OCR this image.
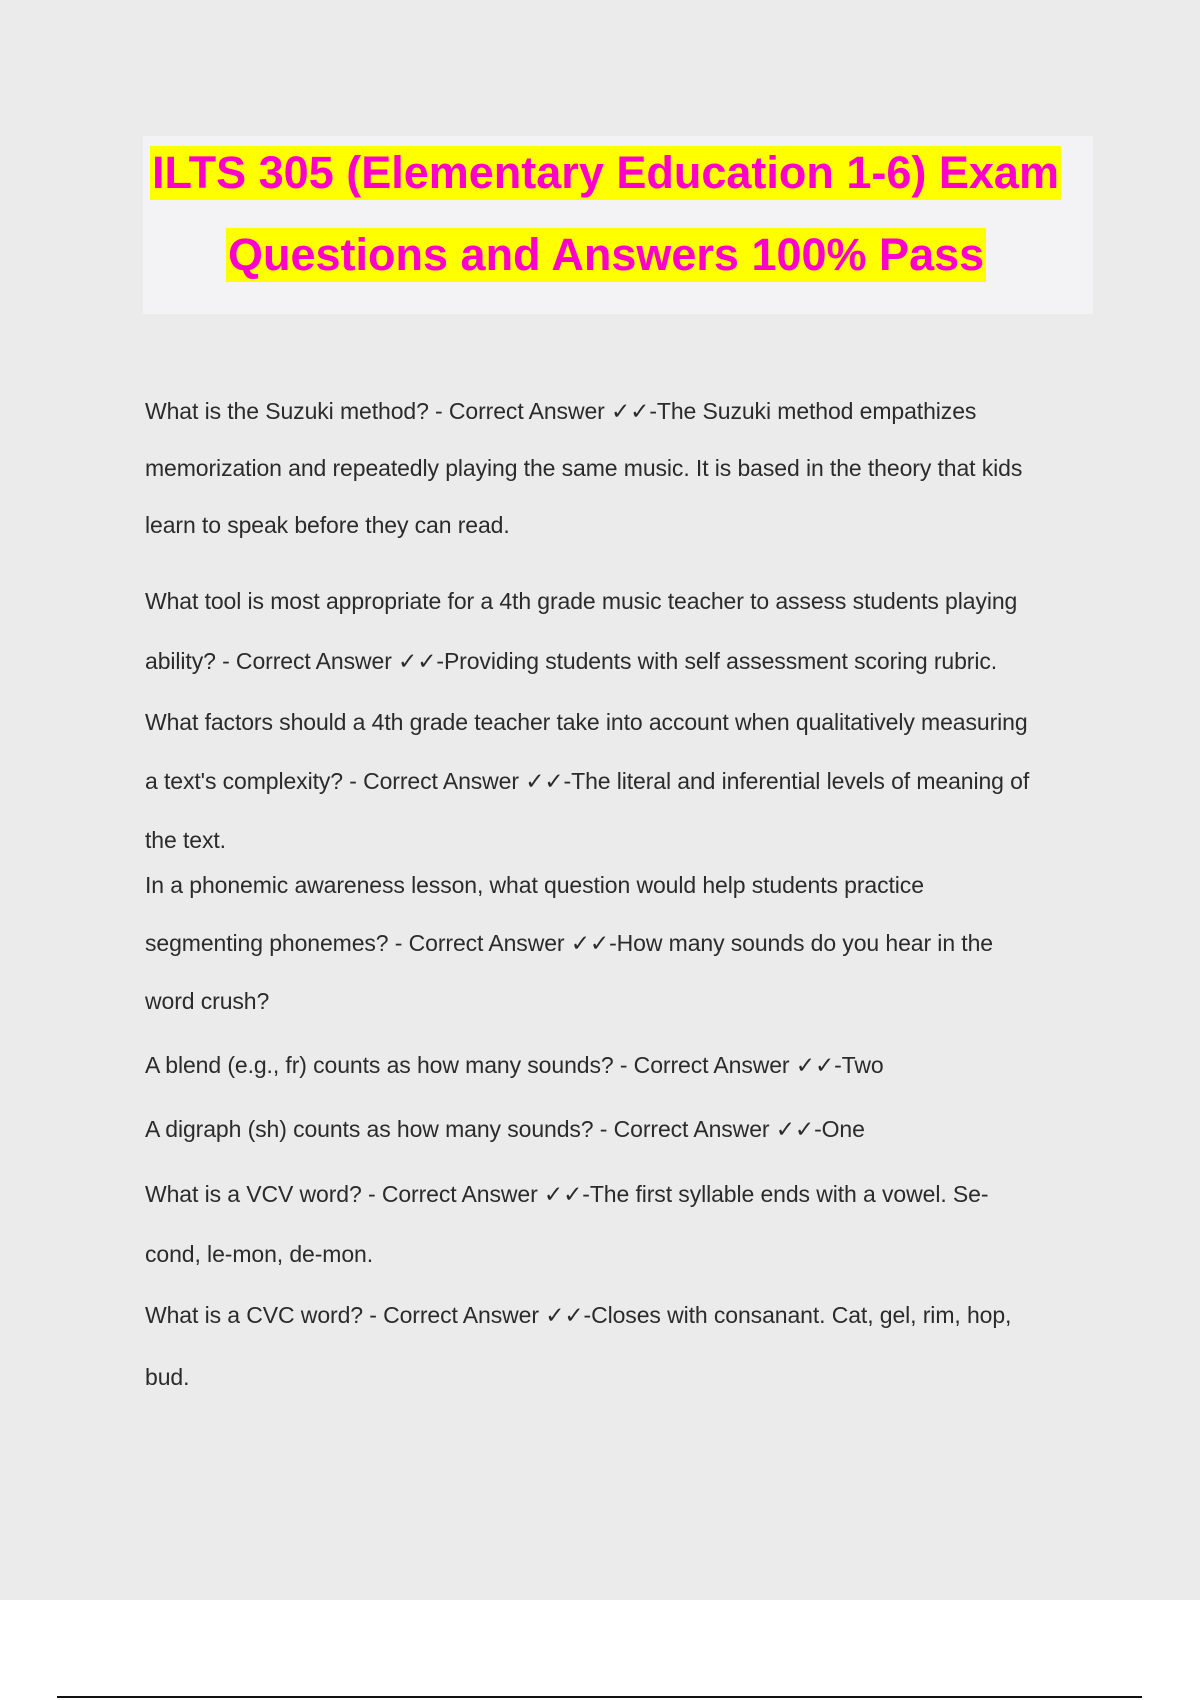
ILTS 305 (Elementary Education 1-6) Exam
Questions and Answers 100% Pass
What is the Suzuki method? - Correct Answer ✓✓-The Suzuki method empathizes
memorization and repeatedly playing the same music. It is based in the theory that kids
learn to speak before they can read.
What tool is most appropriate for a 4th grade music teacher to assess students playing
ability? - Correct Answer ✓✓-Providing students with self assessment scoring rubric.
What factors should a 4th grade teacher take into account when qualitatively measuring
a text's complexity? - Correct Answer ✓✓-The literal and inferential levels of meaning of
the text.
In a phonemic awareness lesson, what question would help students practice
segmenting phonemes? - Correct Answer ✓✓-How many sounds do you hear in the
word crush?
A blend (e.g., fr) counts as how many sounds? - Correct Answer ✓✓-Two
A digraph (sh) counts as how many sounds? - Correct Answer ✓✓-One
What is a VCV word? - Correct Answer ✓✓-The first syllable ends with a vowel. Se-
cond, le-mon, de-mon.
What is a CVC word? - Correct Answer ✓✓-Closes with consanant. Cat, gel, rim, hop,
bud.
